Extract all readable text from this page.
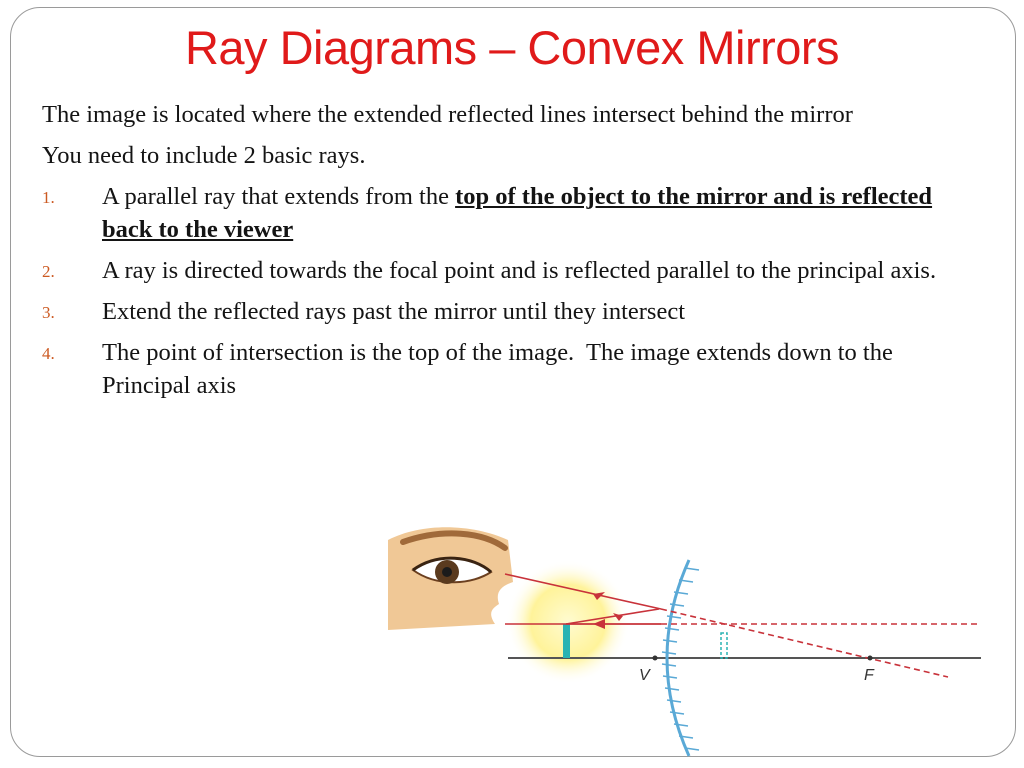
Ray Diagrams – Convex Mirrors

The image is located where the extended reflected lines intersect behind the mirror

You need to include 2 basic rays.

1. A parallel ray that extends from the top of the object to the mirror and is reflected back to the viewer
2. A ray is directed towards the focal point and is reflected parallel to the principal axis.
3. Extend the reflected rays past the mirror until they intersect
4. The point of intersection is the top of the image.  The image extends down to the Principal axis
V	F
